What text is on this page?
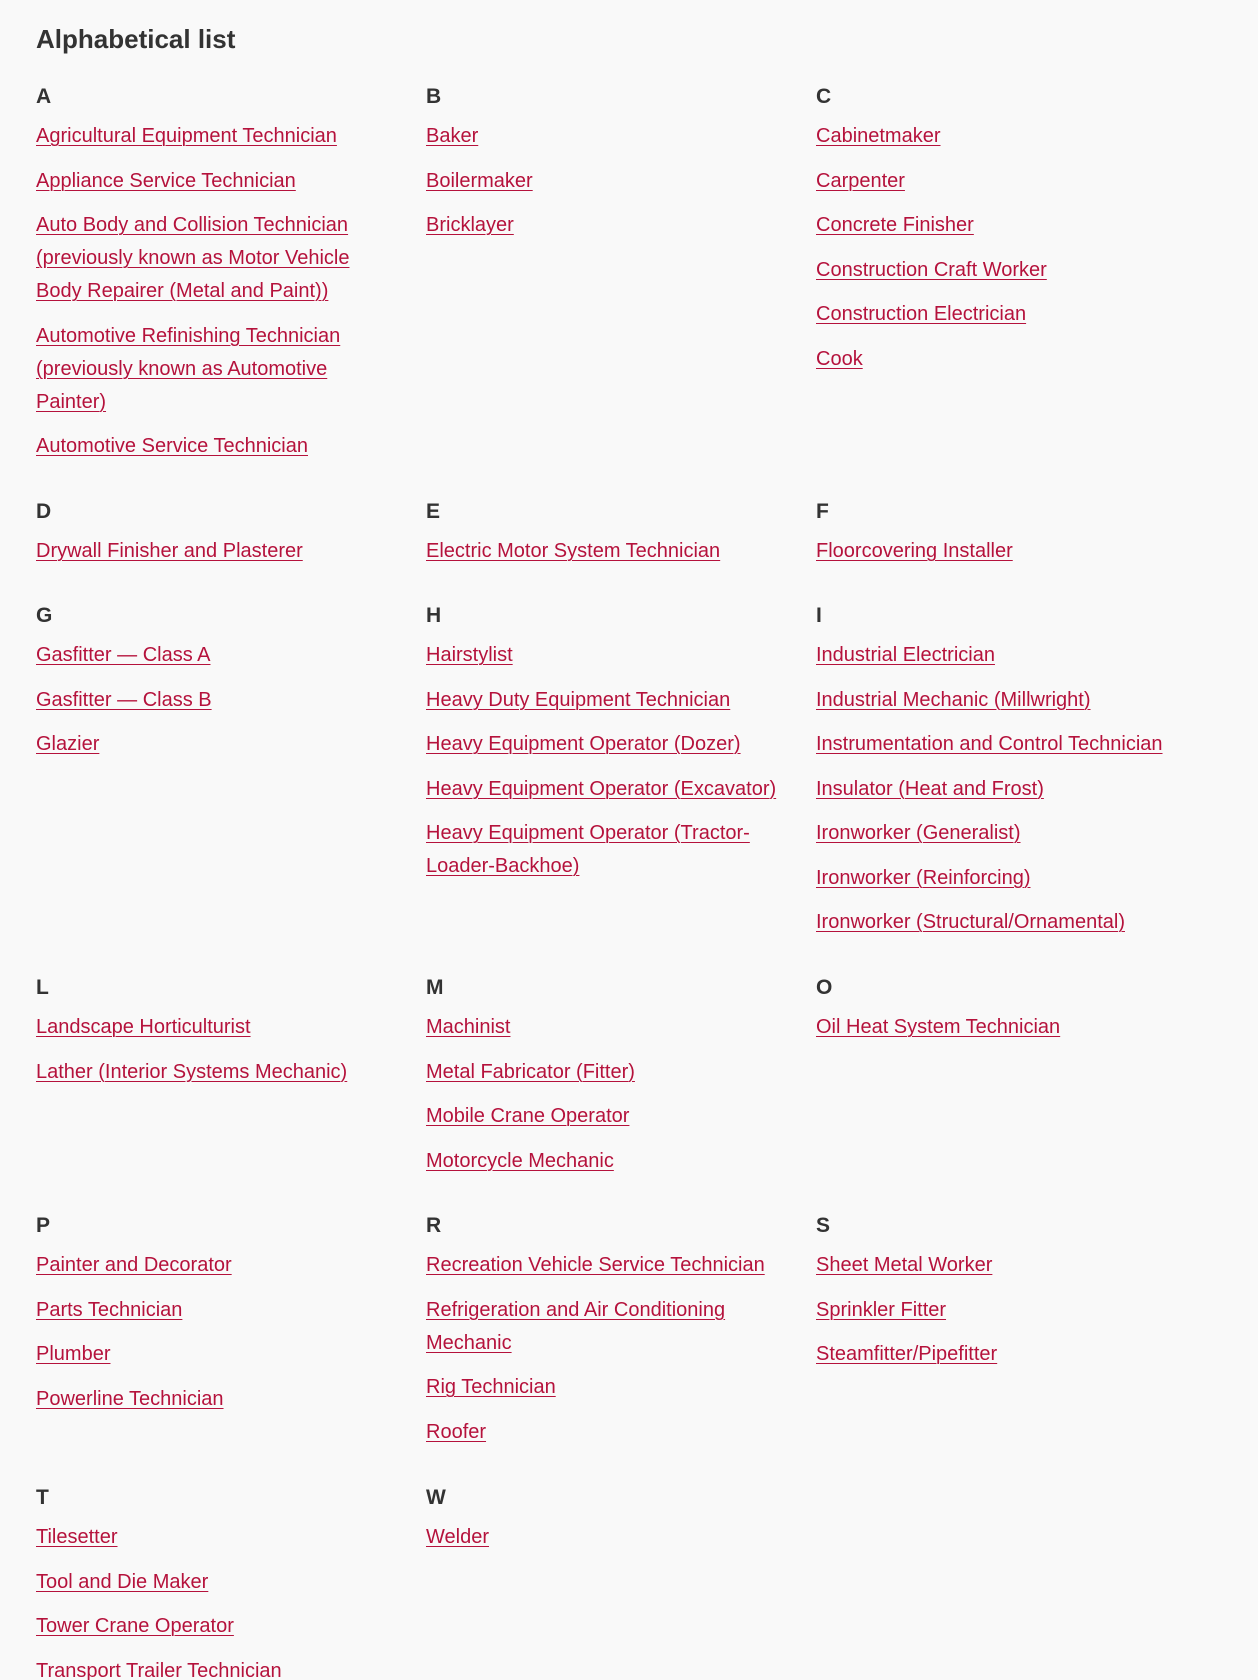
Alphabetical list
A
Agricultural Equipment Technician
Appliance Service Technician
Auto Body and Collision Technician (previously known as Motor Vehicle Body Repairer (Metal and Paint))
Automotive Refinishing Technician (previously known as Automotive Painter)
Automotive Service Technician
B
Baker
Boilermaker
Bricklayer
C
Cabinetmaker
Carpenter
Concrete Finisher
Construction Craft Worker
Construction Electrician
Cook
D
Drywall Finisher and Plasterer
E
Electric Motor System Technician
F
Floorcovering Installer
G
Gasfitter — Class A
Gasfitter — Class B
Glazier
H
Hairstylist
Heavy Duty Equipment Technician
Heavy Equipment Operator (Dozer)
Heavy Equipment Operator (Excavator)
Heavy Equipment Operator (Tractor-Loader-Backhoe)
I
Industrial Electrician
Industrial Mechanic (Millwright)
Instrumentation and Control Technician
Insulator (Heat and Frost)
Ironworker (Generalist)
Ironworker (Reinforcing)
Ironworker (Structural/Ornamental)
L
Landscape Horticulturist
Lather (Interior Systems Mechanic)
M
Machinist
Metal Fabricator (Fitter)
Mobile Crane Operator
Motorcycle Mechanic
O
Oil Heat System Technician
P
Painter and Decorator
Parts Technician
Plumber
Powerline Technician
R
Recreation Vehicle Service Technician
Refrigeration and Air Conditioning Mechanic
Rig Technician
Roofer
S
Sheet Metal Worker
Sprinkler Fitter
Steamfitter/Pipefitter
T
Tilesetter
Tool and Die Maker
Tower Crane Operator
Transport Trailer Technician
W
Welder
